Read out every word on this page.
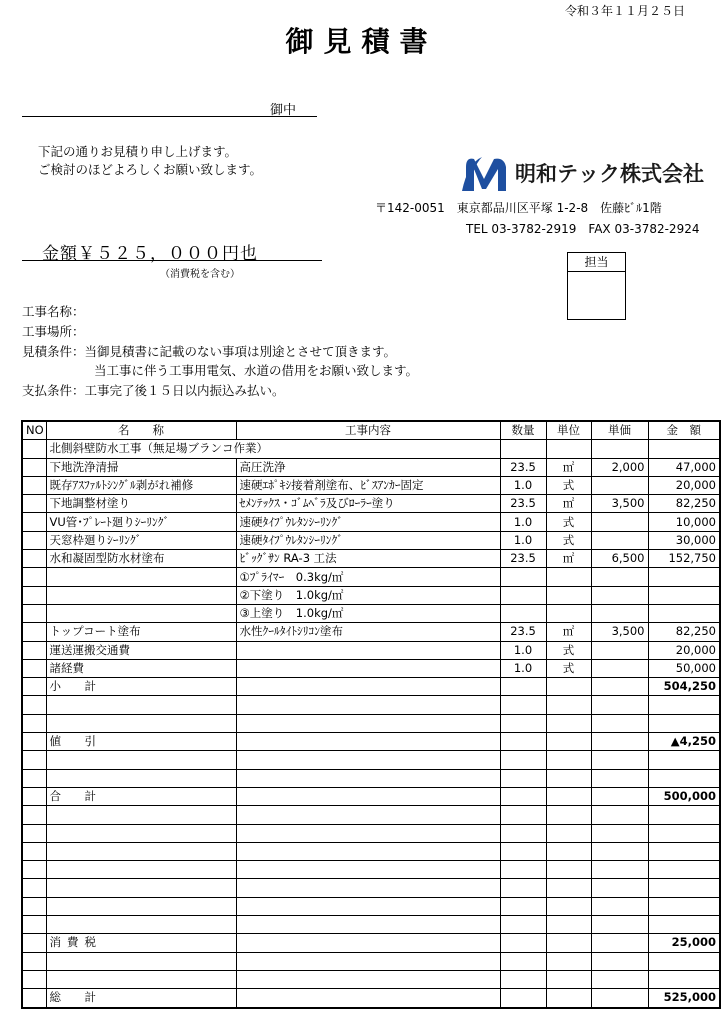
令和３年１１月２５日
御見積書
御中
下記の通りお見積り申し上げます。
ご検討のほどよろしくお願い致します。	明和テック株式会社
〒142-0051　東京都品川区平塚 1-2-8　佐藤ﾋﾞﾙ1階
TEL 03-3782-2919　FAX 03-3782-2924
金額￥５２５，０００円也
（消費税を含む）
担当
工事名称：
工事場所：
見積条件：当御見積書に記載のない事項は別途とさせて頂きます。
当工事に伴う工事用電気、水道の借用をお願い致します。
支払条件：工事完了後１５日以内振込み払い。
NO	名　　称	工事内容	数量	単位	単価	金　額
	北側斜壁防水工事（無足場ブランコ作業）					
	下地洗浄清掃	高圧洗浄	23.5	㎡	2,000	47,000
	既存ｱｽﾌｧﾙﾄｼﾝｸﾞﾙ剥がれ補修	速硬ｴﾎﾟｷｼ接着剤塗布、ﾋﾞｽｱﾝｶｰ固定	1.0	式		20,000
	下地調整材塗り	ｾﾒﾝﾃｯｸｽ・ｺﾞﾑﾍﾞﾗ及びﾛｰﾗｰ塗り	23.5	㎡	3,500	82,250
	VU管･ﾌﾟﾚｰﾄ廻りｼｰﾘﾝｸﾞ	速硬ﾀｲﾌﾟｳﾚﾀﾝｼｰﾘﾝｸﾞ	1.0	式		10,000
	天窓枠廻りｼｰﾘﾝｸﾞ	速硬ﾀｲﾌﾟｳﾚﾀﾝｼｰﾘﾝｸﾞ	1.0	式		30,000
	水和凝固型防水材塗布	ﾋﾞｯｸﾞｻﾝ RA-3 工法	23.5	㎡	6,500	152,750
		①ﾌﾟﾗｲﾏｰ　0.3kg/㎡				
		②下塗り　1.0kg/㎡				
		③上塗り　1.0kg/㎡				
	トップコート塗布	水性ｸｰﾙﾀｲﾄｼﾘｺﾝ塗布	23.5	㎡	3,500	82,250
	運送運搬交通費		1.0	式		20,000
	諸経費		1.0	式		50,000
	小　計					504,250

	値　引					▲4,250

	合　計					500,000

	消費税					25,000

	総　計					525,000
